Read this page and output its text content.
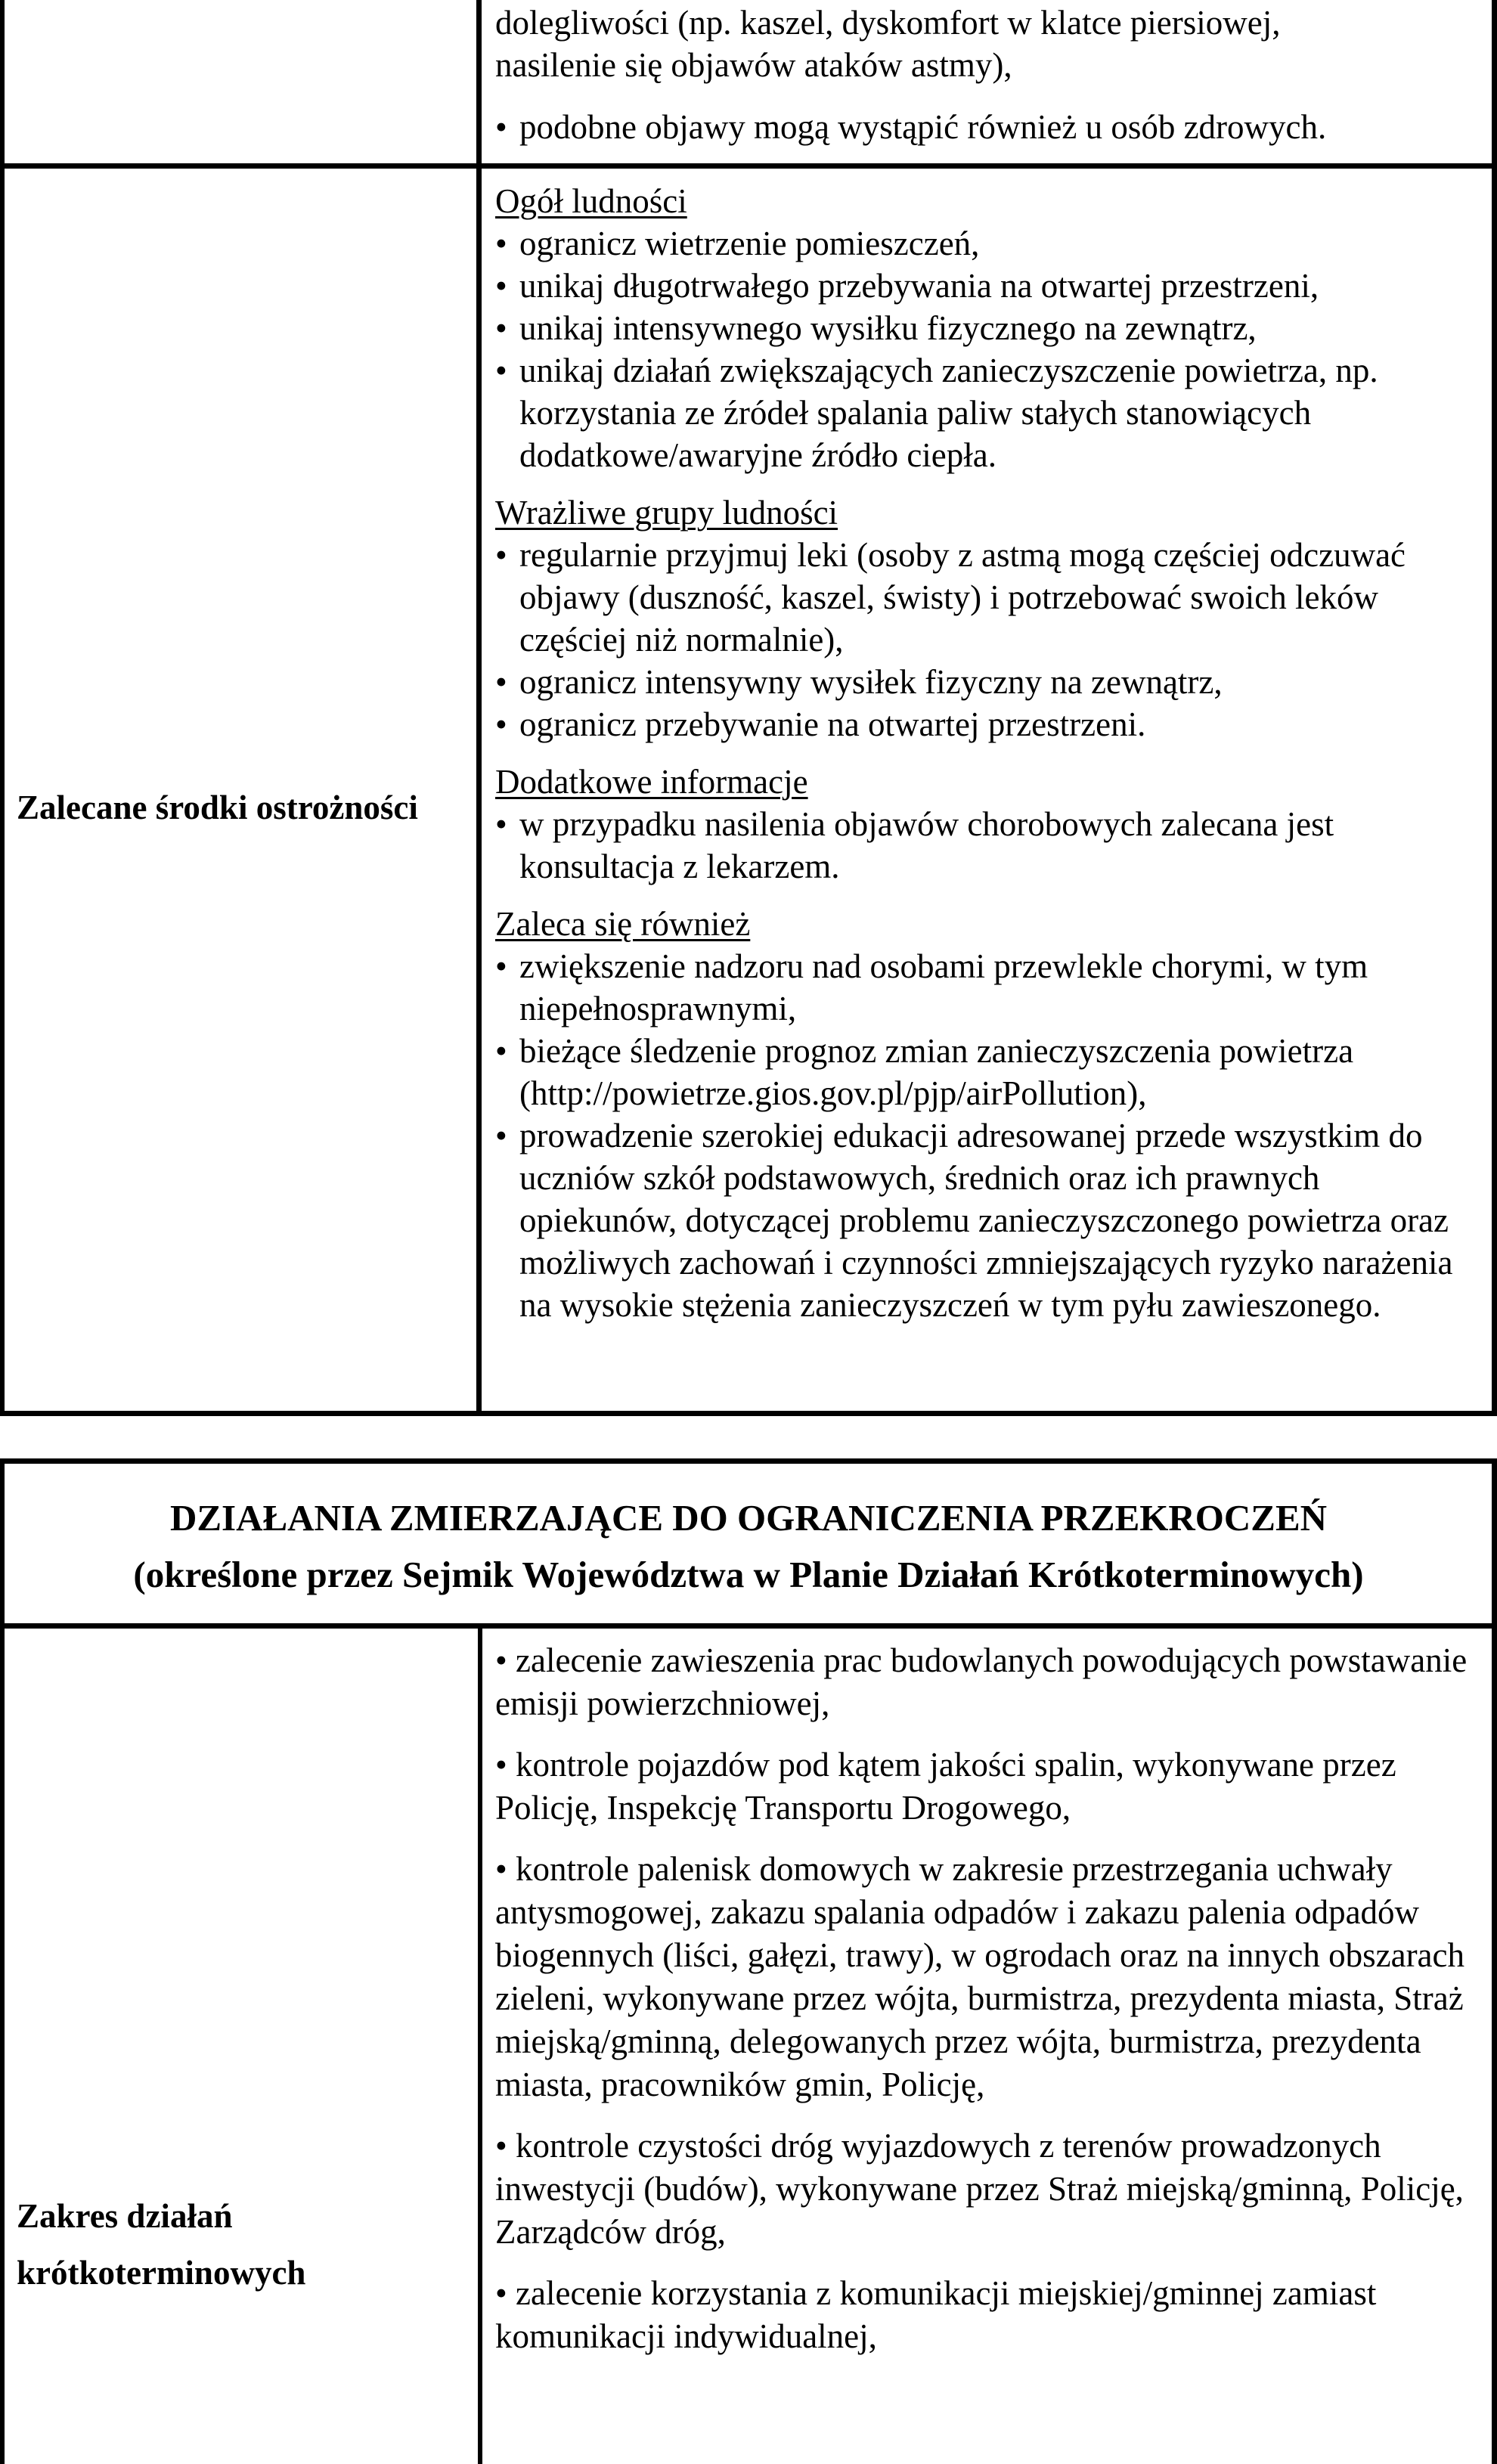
dolegliwości (np. kaszel, dyskomfort w klatce piersiowej,
nasilenie się objawów ataków astmy),
• podobne objawy mogą wystąpić również u osób zdrowych.
Zalecane środki ostrożności
Ogół ludności
• ogranicz wietrzenie pomieszczeń,
• unikaj długotrwałego przebywania na otwartej przestrzeni,
• unikaj intensywnego wysiłku fizycznego na zewnątrz,
• unikaj działań zwiększających zanieczyszczenie powietrza, np. korzystania ze źródeł spalania paliw stałych stanowiących dodatkowe/awaryjne źródło ciepła.
Wrażliwe grupy ludności
• regularnie przyjmuj leki (osoby z astmą mogą częściej odczuwać objawy (duszność, kaszel, świsty) i potrzebować swoich leków częściej niż normalnie),
• ogranicz intensywny wysiłek fizyczny na zewnątrz,
• ogranicz przebywanie na otwartej przestrzeni.
Dodatkowe informacje
• w przypadku nasilenia objawów chorobowych zalecana jest konsultacja z lekarzem.
Zaleca się również
• zwiększenie nadzoru nad osobami przewlekle chorymi, w tym niepełnosprawnymi,
• bieżące śledzenie prognoz zmian zanieczyszczenia powietrza (http://powietrze.gios.gov.pl/pjp/airPollution),
• prowadzenie szerokiej edukacji adresowanej przede wszystkim do uczniów szkół podstawowych, średnich oraz ich prawnych opiekunów, dotyczącej problemu zanieczyszczonego powietrza oraz możliwych zachowań i czynności zmniejszających ryzyko narażenia na wysokie stężenia zanieczyszczeń w tym pyłu zawieszonego.
DZIAŁANIA ZMIERZAJĄCE DO OGRANICZENIA PRZEKROCZEŃ
(określone przez Sejmik Województwa w Planie Działań Krótkoterminowych)
Zakres działań
krótkoterminowych
• zalecenie zawieszenia prac budowlanych powodujących powstawanie emisji powierzchniowej,
• kontrole pojazdów pod kątem jakości spalin, wykonywane przez Policję, Inspekcję Transportu Drogowego,
• kontrole palenisk domowych w zakresie przestrzegania uchwały antysmogowej, zakazu spalania odpadów i zakazu palenia odpadów biogennych (liści, gałęzi, trawy), w ogrodach oraz na innych obszarach zieleni, wykonywane przez wójta, burmistrza, prezydenta miasta, Straż miejską/gminną, delegowanych przez wójta, burmistrza, prezydenta miasta, pracowników gmin, Policję,
• kontrole czystości dróg wyjazdowych z terenów prowadzonych inwestycji (budów), wykonywane przez Straż miejską/gminną, Policję, Zarządców dróg,
• zalecenie korzystania z komunikacji miejskiej/gminnej zamiast komunikacji indywidualnej,
